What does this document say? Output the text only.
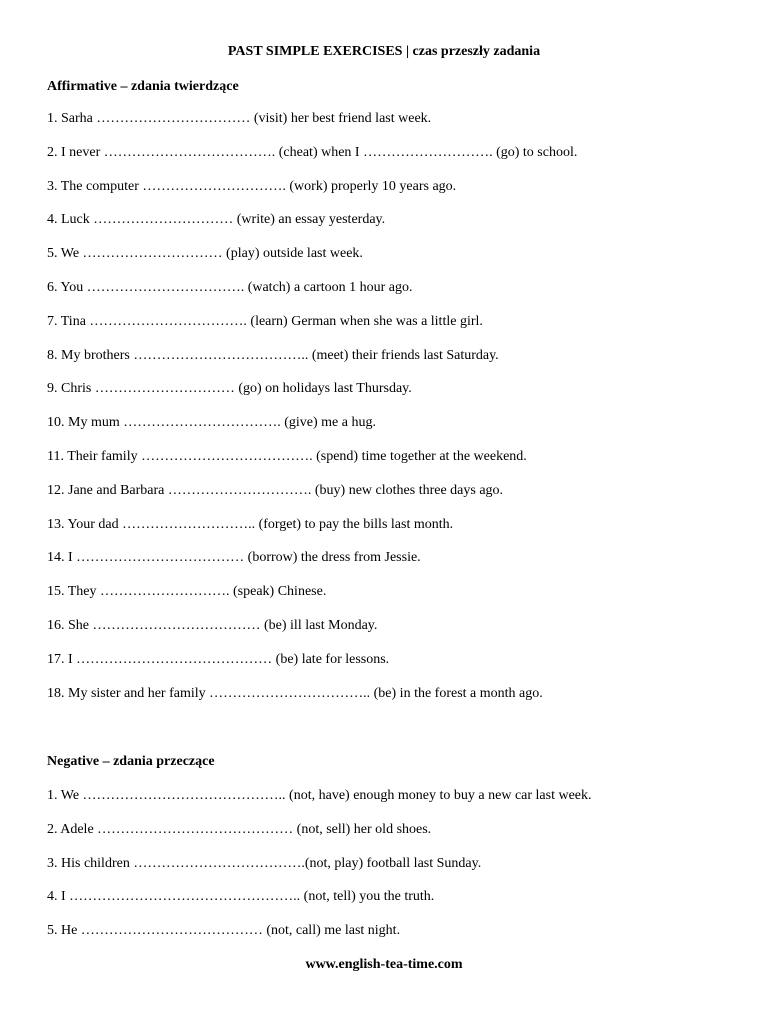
PAST SIMPLE EXERCISES | czas przeszły zadania
Affirmative – zdania twierdzące
1. Sarha …………………………… (visit) her best friend last week.
2. I never ………………………………. (cheat) when I ………………………. (go) to school.
3. The computer …………………………. (work) properly 10 years ago.
4. Luck ………………………… (write) an essay yesterday.
5. We ………………………… (play) outside last week.
6. You ……………………………. (watch) a cartoon 1 hour ago.
7. Tina ……………………………. (learn) German when she was a little girl.
8. My brothers ……………………………….. (meet) their friends last Saturday.
9. Chris ………………………… (go) on holidays last Thursday.
10. My mum ……………………………. (give) me a hug.
11. Their family ………………………………. (spend) time together at the weekend.
12. Jane and Barbara …………………………. (buy) new clothes three days ago.
13. Your dad ……………………….. (forget) to pay the bills last month.
14. I ……………………………… (borrow) the dress from Jessie.
15. They ………………………. (speak) Chinese.
16. She ……………………………… (be) ill last Monday.
17. I …………………………………… (be) late for lessons.
18. My sister and her family …………………………….. (be) in the forest a month ago.
Negative – zdania przeczące
1. We …………………………………….. (not, have) enough money to buy a new car last week.
2. Adele …………………………………… (not, sell) her old shoes.
3. His children ……………………………….(not, play) football last Sunday.
4. I ………………………………………….. (not, tell) you the truth.
5. He ………………………………… (not, call) me last night.

www.english-tea-time.com
